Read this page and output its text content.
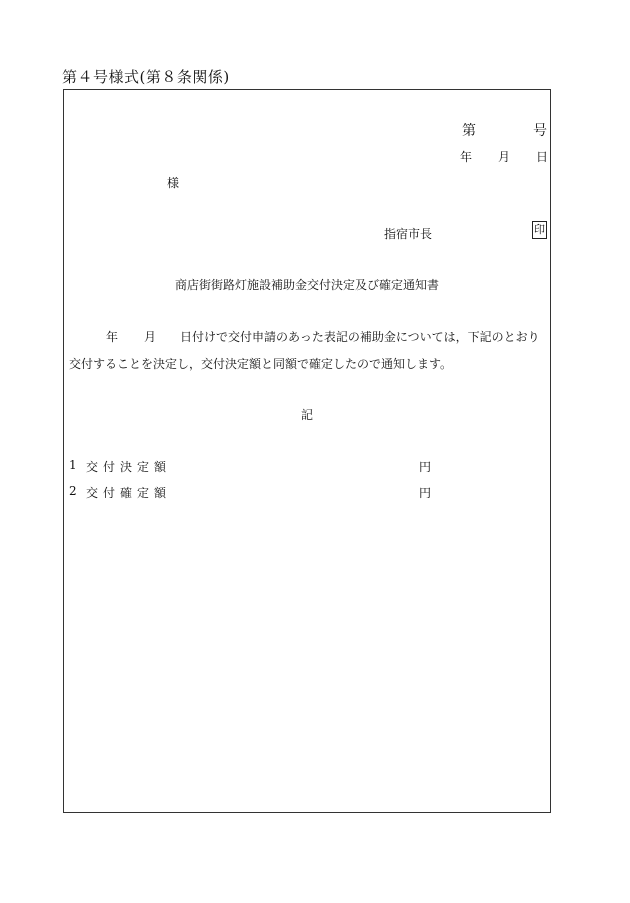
第４号様式(第８条関係)
第	号
年 月 日
様
指宿市長	印
商店街街路灯施設補助金交付決定及び確定通知書
年 月 日付けで交付申請のあった表記の補助金については，下記のとおり
交付することを決定し，交付決定額と同額で確定したので通知します。
記
1 交付決定額	円
2 交付確定額	円
